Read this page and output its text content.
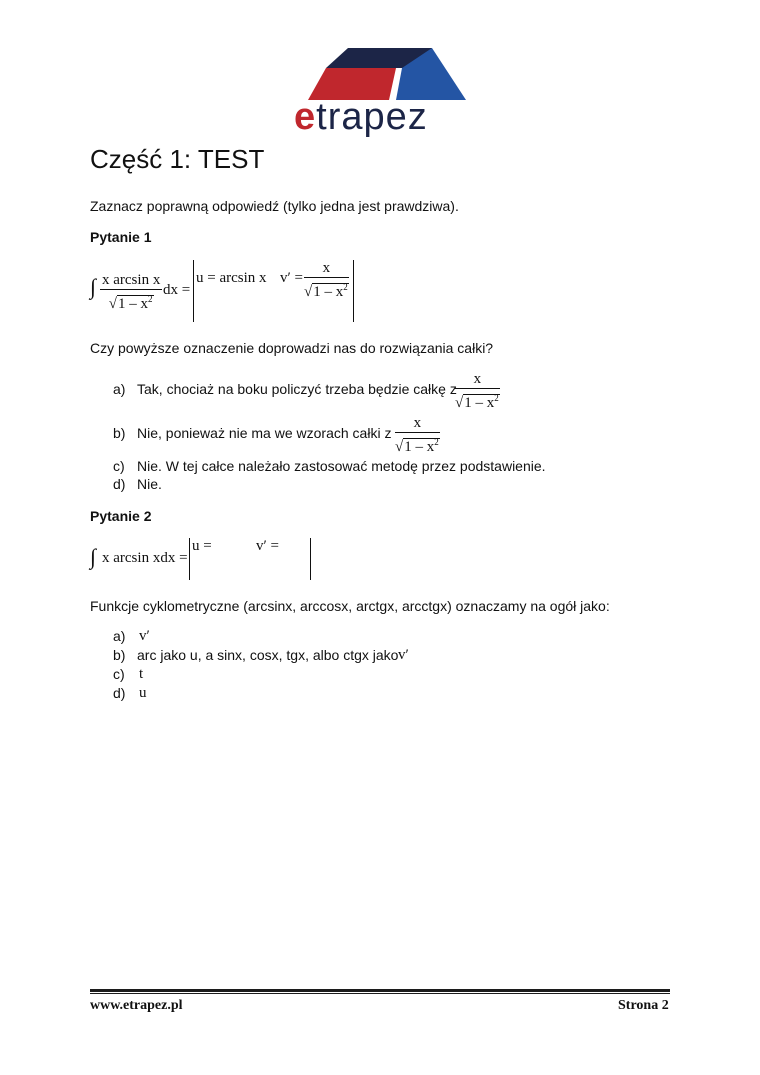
etrapez
Część 1: TEST
Zaznacz poprawną odpowiedź (tylko jedna jest prawdziwa).
Pytanie 1
∫ $\frac{\text{x arcsin x}}{√1 - x^2}$ dx =
u = arcsin x $v' = \frac{x}{√1 - x^2}$
Czy powyższe oznaczenie doprowadzi nas do rozwiązania całki?
a) Tak, chociaż na boku policzyć trzeba będzie całkę z
$\frac{x}{√1 - x^2}$
b) Nie, ponieważ nie ma we wzorach całki z $\frac{x}{√1 - x^2}$
c) Nie. W tej całce należało zastosować metodę przez podstawienie.
d) Nie.
Pytanie 2
∫ x arcsin xdx =
u =	v′ =
Funkcje cyklometryczne (arcsinx, arccosx, arctgx, arcctgx) oznaczamy na ogół jako:
a) v′
b) arc jako u, a sinx, cosx, tgx, albo ctgx jako v′
c) t
d) u
www.etrapez.pl	Strona 2
